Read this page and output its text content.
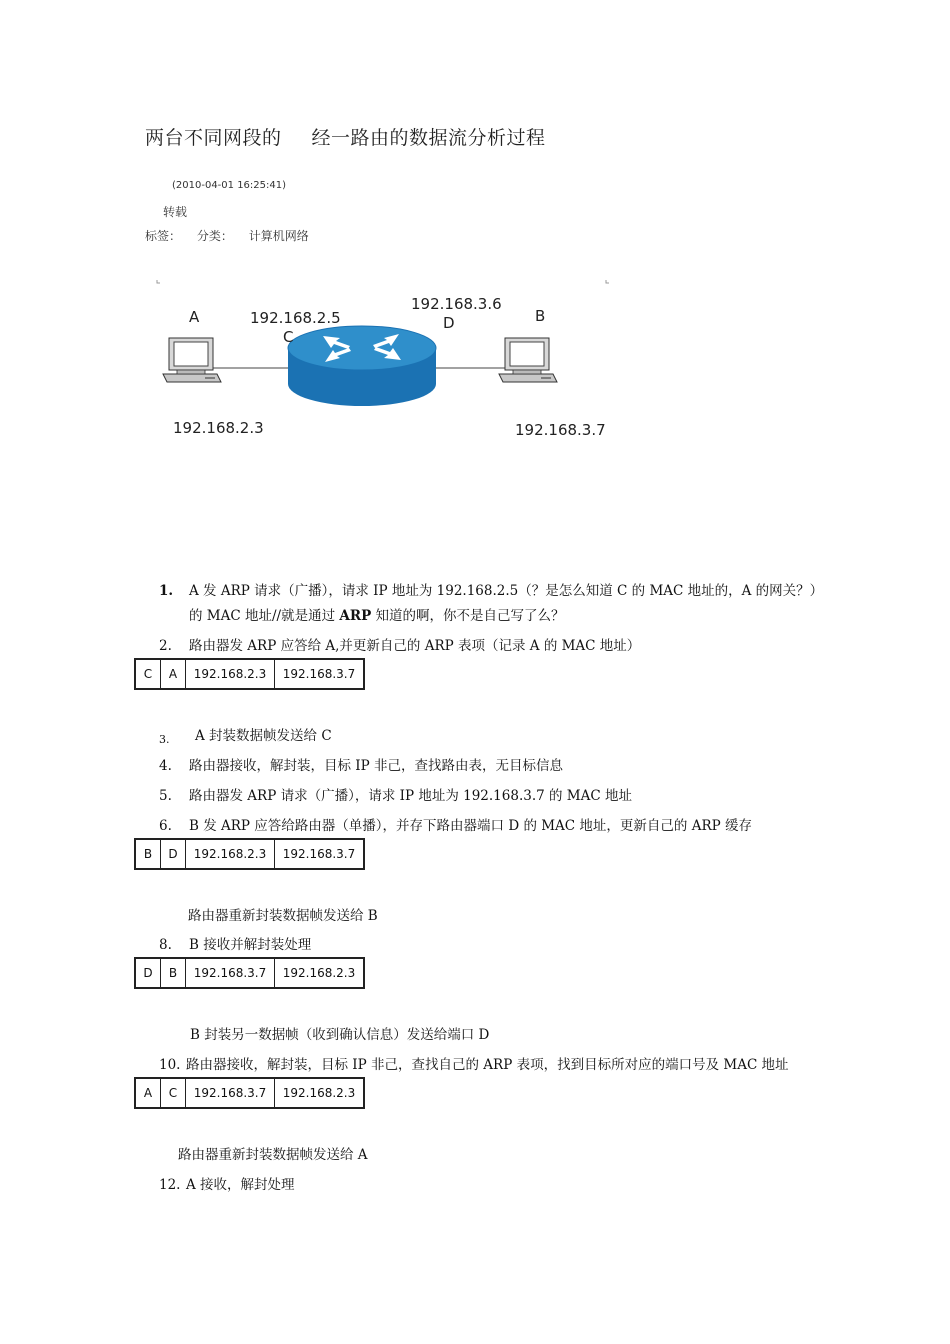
两台不同网段的 经一路由的数据流分析过程
(2010-04-01 16:25:41)
转载
标签： 分类： 计算机网络
A
192.168.2.3
192.168.2.5
C
192.168.3.6
D	B
192.168.3.7
1. A 发 ARP 请求（广播），请求 IP 地址为 192.168.2.5（？是怎么知道 C 的 MAC 地址的，A 的网关？）
的 MAC 地址//就是通过 ARP 知道的啊，你不是自己写了么？
2. 路由器发 ARP 应答给 A,并更新自己的 ARP 表项（记录 A 的 MAC 地址）
C	A	192.168.2.3	192.168.3.7
3. A 封装数据帧发送给 C
4. 路由器接收，解封装，目标 IP 非己，查找路由表，无目标信息
5. 路由器发 ARP 请求（广播），请求 IP 地址为 192.168.3.7 的 MAC 地址
6. B 发 ARP 应答给路由器（单播），并存下路由器端口 D 的 MAC 地址，更新自己的 ARP 缓存
B	D	192.168.2.3	192.168.3.7
路由器重新封装数据帧发送给 B
8. B 接收并解封装处理
D	B	192.168.3.7	192.168.2.3
B 封装另一数据帧（收到确认信息）发送给端口 D
10. 路由器接收，解封装，目标 IP 非己，查找自己的 ARP 表项，找到目标所对应的端口号及 MAC 地址
A	C	192.168.3.7	192.168.2.3
路由器重新封装数据帧发送给 A
12. A 接收，解封处理
